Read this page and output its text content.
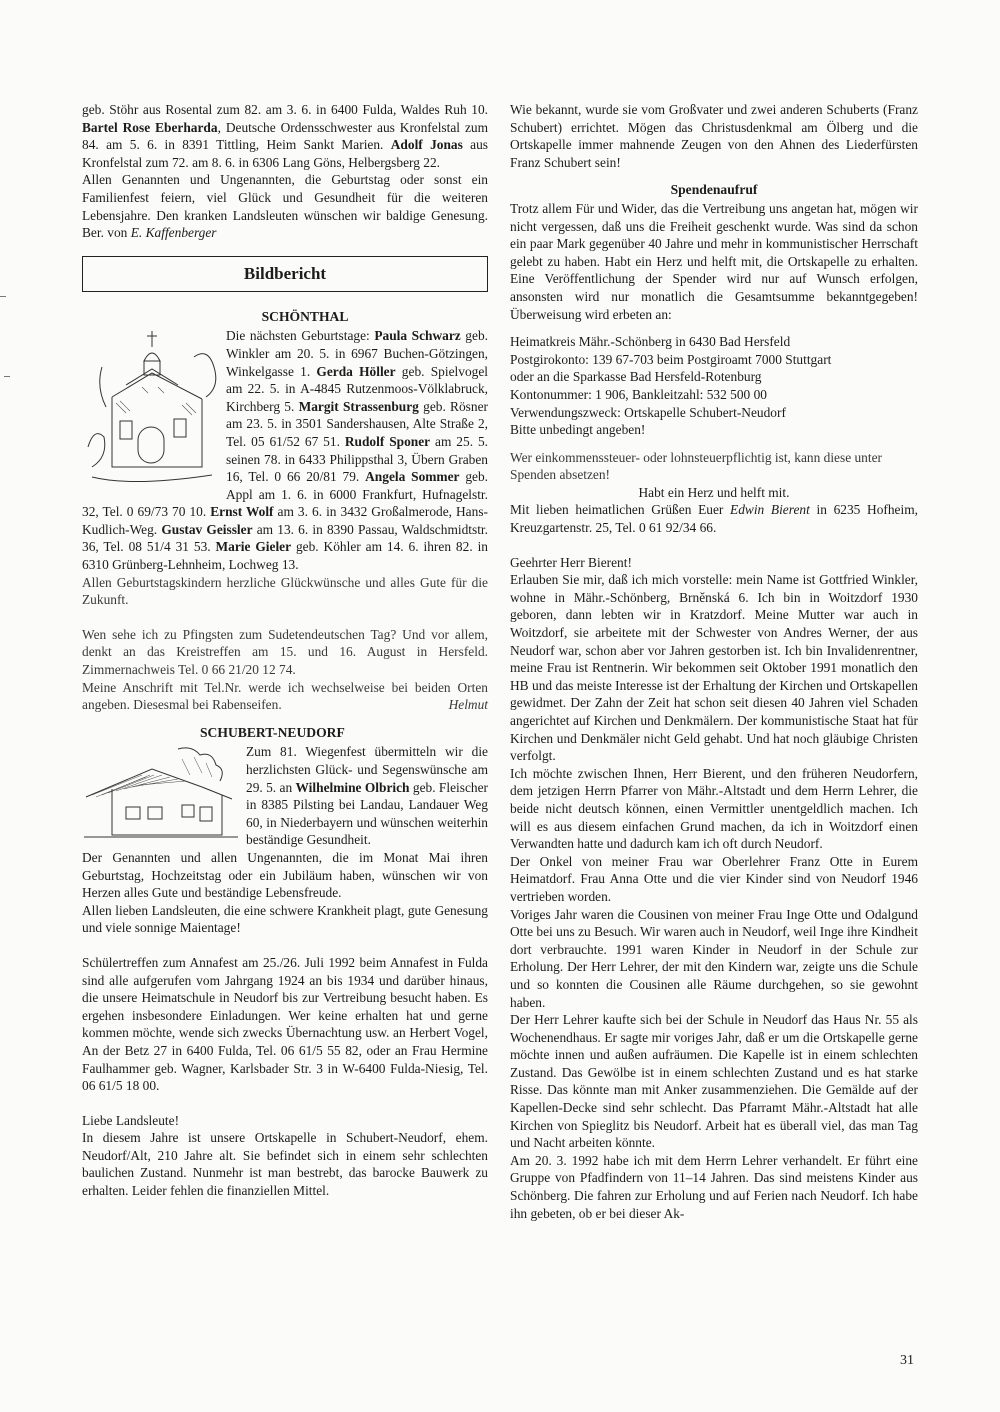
geb. Stöhr aus Rosental zum 82. am 3. 6. in 6400 Fulda, Waldes Ruh 10. Bartel Rose Eberharda, Deutsche Ordensschwester aus Kronfelstal zum 84. am 5. 6. in 8391 Tittling, Heim Sankt Marien. Adolf Jonas aus Kronfelstal zum 72. am 8. 6. in 6306 Lang Göns, Helbergsberg 22.

Allen Genannten und Ungenannten, die Geburtstag oder sonst ein Familienfest feiern, viel Glück und Gesundheit für die weiteren Lebensjahre. Den kranken Landsleuten wünschen wir baldige Genesung. Ber. von E. Kaffenberger

Bildbericht
SCHÖNTHAL

Die nächsten Geburtstage: Paula Schwarz geb. Winkler am 20. 5. in 6967 Buchen-Götzingen, Winkelgasse 1. Gerda Höller geb. Spielvogel am 22. 5. in A-4845 Rutzenmoos-Völklabruck, Kirchberg 5. Margit Strassenburg geb. Rösner am 23. 5. in 3501 Sandershausen, Alte Straße 2, Tel. 05 61/52 67 51. Rudolf Sponer am 25. 5. seinen 78. in 6433 Philippsthal 3, Übern Graben 16, Tel. 0 66 20/81 79. Angela Sommer geb. Appl am 1. 6. in 6000 Frankfurt, Hufnagelstr. 32, Tel. 0 69/73 70 10. Ernst Wolf am 3. 6. in 3432 Großalmerode, Hans-Kudlich-Weg. Gustav Geissler am 13. 6. in 8390 Passau, Waldschmidtstr. 36, Tel. 08 51/4 31 53. Marie Gieler geb. Köhler am 14. 6. ihren 82. in 6310 Grünberg-Lehnheim, Lochweg 13.

Allen Geburtstagskindern herzliche Glückwünsche und alles Gute für die Zukunft.

Wen sehe ich zu Pfingsten zum Sudetendeutschen Tag? Und vor allem, denkt an das Kreistreffen am 15. und 16. August in Hersfeld. Zimmernachweis Tel. 0 66 21/20 12 74.

Meine Anschrift mit Tel.Nr. werde ich wechselweise bei beiden Orten angeben. Diesesmal bei Rabenseifen.	Helmut

SCHUBERT-NEUDORF

Zum 81. Wiegenfest übermitteln wir die herzlichsten Glück- und Segenswünsche am 29. 5. an Wilhelmine Olbrich geb. Fleischer in 8385 Pilsting bei Landau, Landauer Weg 60, in Niederbayern und wünschen weiterhin beständige Gesundheit.

Der Genannten und allen Ungenannten, die im Monat Mai ihren Geburtstag, Hochzeitstag oder ein Jubiläum haben, wünschen wir von Herzen alles Gute und beständige Lebensfreude.

Allen lieben Landsleuten, die eine schwere Krankheit plagt, gute Genesung und viele sonnige Maientage!

Schülertreffen zum Annafest am 25./26. Juli 1992 beim Annafest in Fulda sind alle aufgerufen vom Jahrgang 1924 an bis 1934 und darüber hinaus, die unsere Heimatschule in Neudorf bis zur Vertreibung besucht haben. Es ergehen insbesondere Einladungen. Wer keine erhalten hat und gerne kommen möchte, wende sich zwecks Übernachtung usw. an Herbert Vogel, An der Betz 27 in 6400 Fulda, Tel. 06 61/5 55 82, oder an Frau Hermine Faulhammer geb. Wagner, Karlsbader Str. 3 in W-6400 Fulda-Niesig, Tel. 06 61/5 18 00.

Liebe Landsleute!

In diesem Jahre ist unsere Ortskapelle in Schubert-Neudorf, ehem. Neudorf/Alt, 210 Jahre alt. Sie befindet sich in einem sehr schlechten baulichen Zustand. Nunmehr ist man bestrebt, das barocke Bauwerk zu erhalten. Leider fehlen die finanziellen Mittel.

Wie bekannt, wurde sie vom Großvater und zwei anderen Schuberts (Franz Schubert) errichtet. Mögen das Christusdenkmal am Ölberg und die Ortskapelle immer mahnende Zeugen von den Ahnen des Liederfürsten Franz Schubert sein!

Spendenaufruf

Trotz allem Für und Wider, das die Vertreibung uns angetan hat, mögen wir nicht vergessen, daß uns die Freiheit geschenkt wurde. Was sind da schon ein paar Mark gegenüber 40 Jahre und mehr in kommunistischer Herrschaft gelebt zu haben. Habt ein Herz und helft mit, die Ortskapelle zu erhalten. Eine Veröffentlichung der Spender wird nur auf Wunsch erfolgen, ansonsten wird nur monatlich die Gesamtsumme bekanntgegeben! Überweisung wird erbeten an:

Heimatkreis Mähr.-Schönberg in 6430 Bad Hersfeld
Postgirokonto: 139 67-703 beim Postgiroamt 7000 Stuttgart
oder an die Sparkasse Bad Hersfeld-Rotenburg
Kontonummer: 1 906, Bankleitzahl: 532 500 00
Verwendungszweck: Ortskapelle Schubert-Neudorf
Bitte unbedingt angeben!

Wer einkommenssteuer- oder lohnsteuerpflichtig ist, kann diese unter Spenden absetzen!

Habt ein Herz und helft mit.

Mit lieben heimatlichen Grüßen Euer Edwin Bierent in 6235 Hofheim, Kreuzgartenstr. 25, Tel. 0 61 92/34 66.

Geehrter Herr Bierent!

Erlauben Sie mir, daß ich mich vorstelle: mein Name ist Gottfried Winkler, wohne in Mähr.-Schönberg, Brněnská 6. Ich bin in Woitzdorf 1930 geboren, dann lebten wir in Kratzdorf. Meine Mutter war auch in Woitzdorf, sie arbeitete mit der Schwester von Andres Werner, der aus Neudorf war, schon aber vor Jahren gestorben ist. Ich bin Invalidenrentner, meine Frau ist Rentnerin. Wir bekommen seit Oktober 1991 monatlich den HB und das meiste Interesse ist der Erhaltung der Kirchen und Ortskapellen gewidmet. Der Zahn der Zeit hat schon seit diesen 40 Jahren viel Schaden angerichtet auf Kirchen und Denkmälern. Der kommunistische Staat hat für Kirchen und Denkmäler nicht Geld gehabt. Und hat noch gläubige Christen verfolgt.

Ich möchte zwischen Ihnen, Herr Bierent, und den früheren Neudorfern, dem jetzigen Herrn Pfarrer von Mähr.-Altstadt und dem Herrn Lehrer, die beide nicht deutsch können, einen Vermittler unentgeldlich machen. Ich will es aus diesem einfachen Grund machen, da ich in Woitzdorf einen Verwandten hatte und dadurch kam ich oft durch Neudorf.

Der Onkel von meiner Frau war Oberlehrer Franz Otte in Eurem Heimatdorf. Frau Anna Otte und die vier Kinder sind von Neudorf 1946 vertrieben worden.

Voriges Jahr waren die Cousinen von meiner Frau Inge Otte und Odalgund Otte bei uns zu Besuch. Wir waren auch in Neudorf, weil Inge ihre Kindheit dort verbrauchte. 1991 waren Kinder in Neudorf in der Schule zur Erholung. Der Herr Lehrer, der mit den Kindern war, zeigte uns die Schule und so konnten die Cousinen alle Räume durchgehen, so sie gewohnt haben.

Der Herr Lehrer kaufte sich bei der Schule in Neudorf das Haus Nr. 55 als Wochenendhaus. Er sagte mir voriges Jahr, daß er um die Ortskapelle gerne möchte innen und außen aufräumen. Die Kapelle ist in einem schlechten Zustand. Das Gewölbe ist in einem schlechten Zustand und es hat starke Risse. Das könnte man mit Anker zusammenziehen. Die Gemälde auf der Kapellen-Decke sind sehr schlecht. Das Pfarramt Mähr.-Altstadt hat alle Kirchen von Spieglitz bis Neudorf. Arbeit hat es überall viel, das man Tag und Nacht arbeiten könnte.

Am 20. 3. 1992 habe ich mit dem Herrn Lehrer verhandelt. Er führt eine Gruppe von Pfadfindern von 11–14 Jahren. Das sind meistens Kinder aus Schönberg. Die fahren zur Erholung und auf Ferien nach Neudorf. Ich habe ihn gebeten, ob er bei dieser Ak-

31
